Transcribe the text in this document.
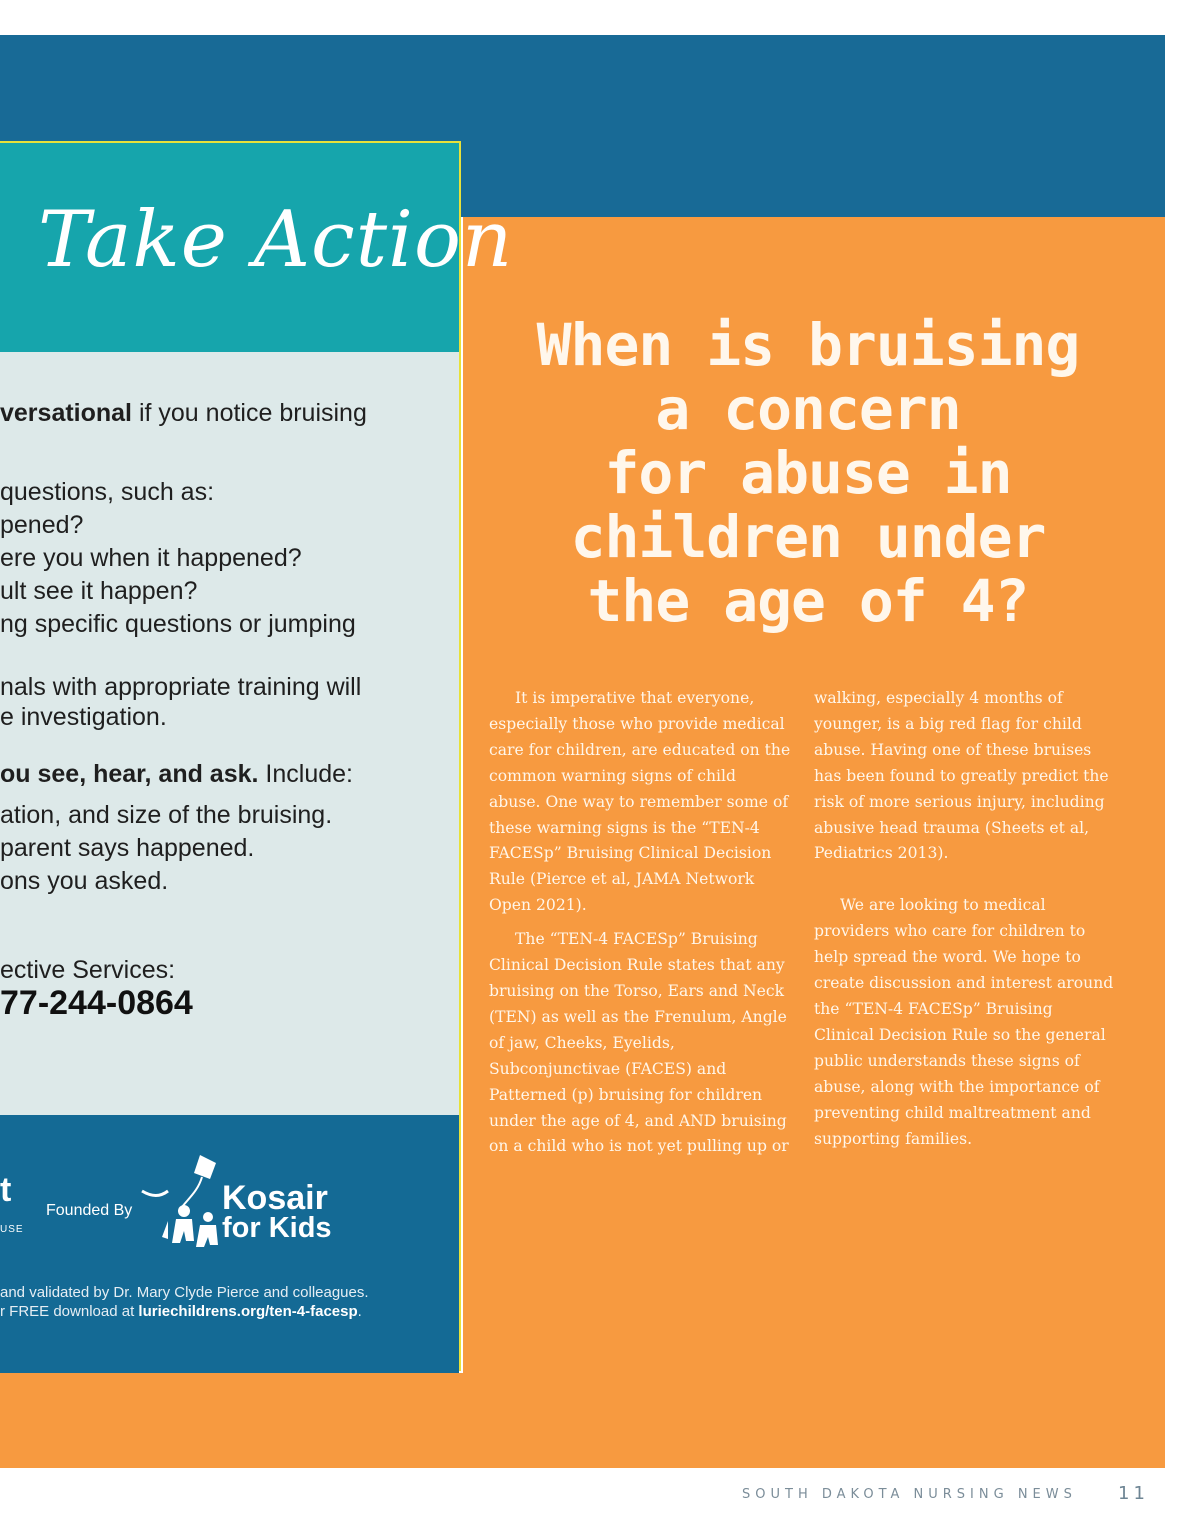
Take Action
versational if you notice bruising
questions, such as:
pened?
ere you when it happened?
ult see it happen?
ng specific questions or jumping
nals with appropriate training will
e investigation.
ou see, hear, and ask. Include:
ation, and size of the bruising.
parent says happened.
ons you asked.
ective Services:
77-244-0864
t
USE
Founded By	Kosair
for Kids
and validated by Dr. Mary Clyde Pierce and colleagues.
r FREE download at luriechildrens.org/ten-4-facesp.
When is bruising
a concern
for abuse in
children under
the age of 4?

It is imperative that everyone, especially those who provide medical care for children, are educated on the common warning signs of child abuse. One way to remember some of these warning signs is the “TEN-4 FACESp” Bruising Clinical Decision Rule (Pierce et al, JAMA Network Open 2021).

The “TEN-4 FACESp” Bruising Clinical Decision Rule states that any bruising on the Torso, Ears and Neck (TEN) as well as the Frenulum, Angle of jaw, Cheeks, Eyelids, Subconjunctivae (FACES) and Patterned (p) bruising for children under the age of 4, and AND bruising on a child who is not yet pulling up or

walking, especially 4 months of younger, is a big red flag for child abuse. Having one of these bruises has been found to greatly predict the risk of more serious injury, including abusive head trauma (Sheets et al, Pediatrics 2013).

We are looking to medical providers who care for children to help spread the word. We hope to create discussion and interest around the “TEN-4 FACESp” Bruising Clinical Decision Rule so the general public understands these signs of abuse, along with the importance of preventing child maltreatment and supporting families.

SOUTH DAKOTA NURSING NEWS 11
